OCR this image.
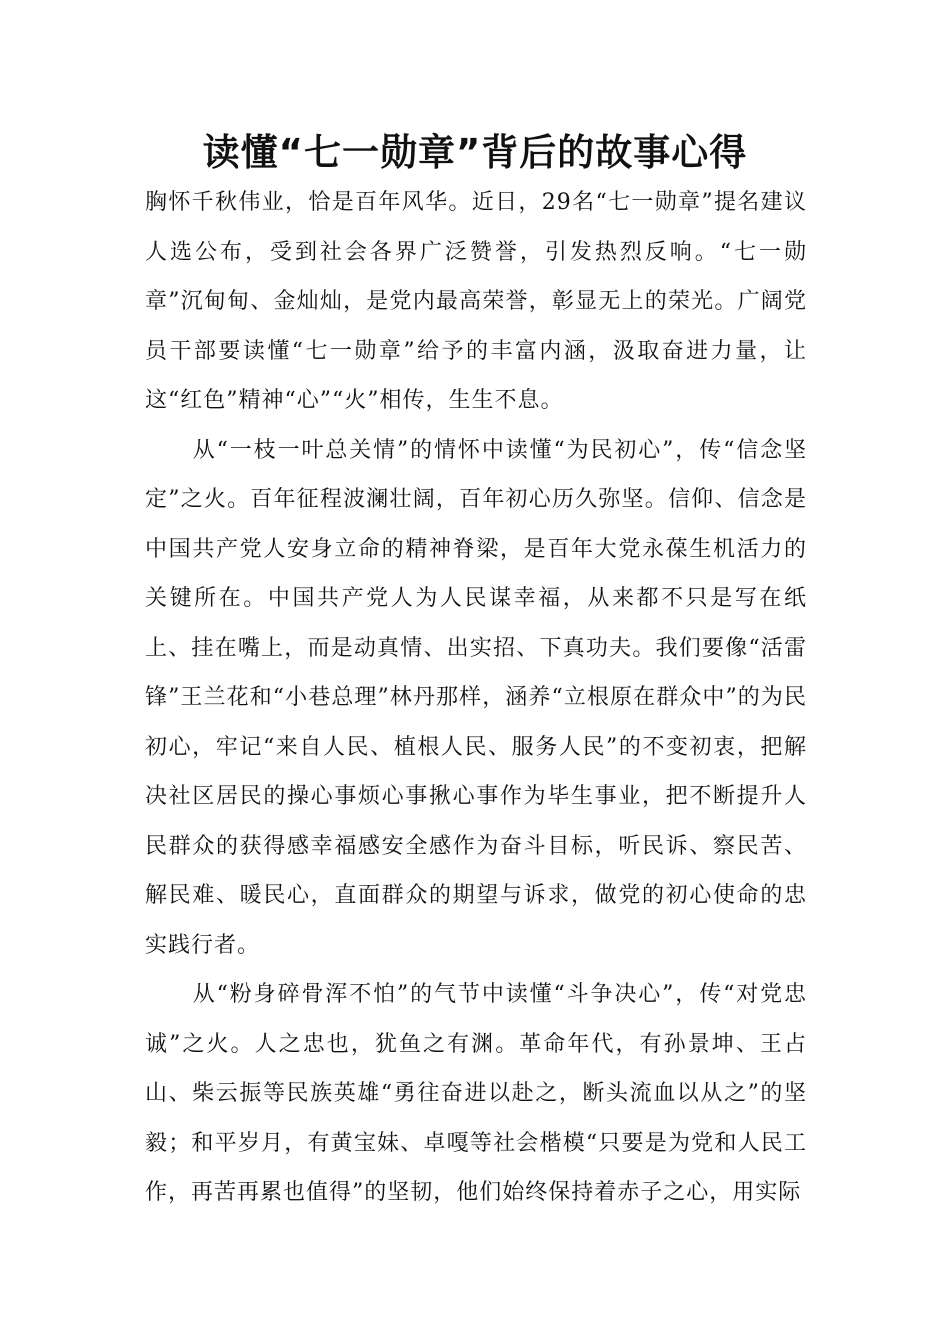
读懂“七一勋章”背后的故事心得

胸怀千秋伟业，恰是百年风华。近日，29名“七一勋章”提名建议人选公布，受到社会各界广泛赞誉，引发热烈反响。“七一勋章”沉甸甸、金灿灿，是党内最高荣誉，彰显无上的荣光。广阔党员干部要读懂“七一勋章”给予的丰富内涵，汲取奋进力量，让这“红色”精神“心”“火”相传，生生不息。

　　从“一枝一叶总关情”的情怀中读懂“为民初心”，传“信念坚定”之火。百年征程波澜壮阔，百年初心历久弥坚。信仰、信念是中国共产党人安身立命的精神脊梁，是百年大党永葆生机活力的关键所在。中国共产党人为人民谋幸福，从来都不只是写在纸上、挂在嘴上，而是动真情、出实招、下真功夫。我们要像“活雷锋”王兰花和“小巷总理”林丹那样，涵养“立根原在群众中”的为民初心，牢记“来自人民、植根人民、服务人民”的不变初衷，把解决社区居民的操心事烦心事揪心事作为毕生事业，把不断提升人民群众的获得感幸福感安全感作为奋斗目标，听民诉、察民苦、解民难、暖民心，直面群众的期望与诉求，做党的初心使命的忠实践行者。

　　从“粉身碎骨浑不怕”的气节中读懂“斗争决心”，传“对党忠诚”之火。人之忠也，犹鱼之有渊。革命年代，有孙景坤、王占山、柴云振等民族英雄“勇往奋进以赴之，断头流血以从之”的坚毅；和平岁月，有黄宝妹、卓嘎等社会楷模“只要是为党和人民工作，再苦再累也值得”的坚韧，他们始终保持着赤子之心，用实际
